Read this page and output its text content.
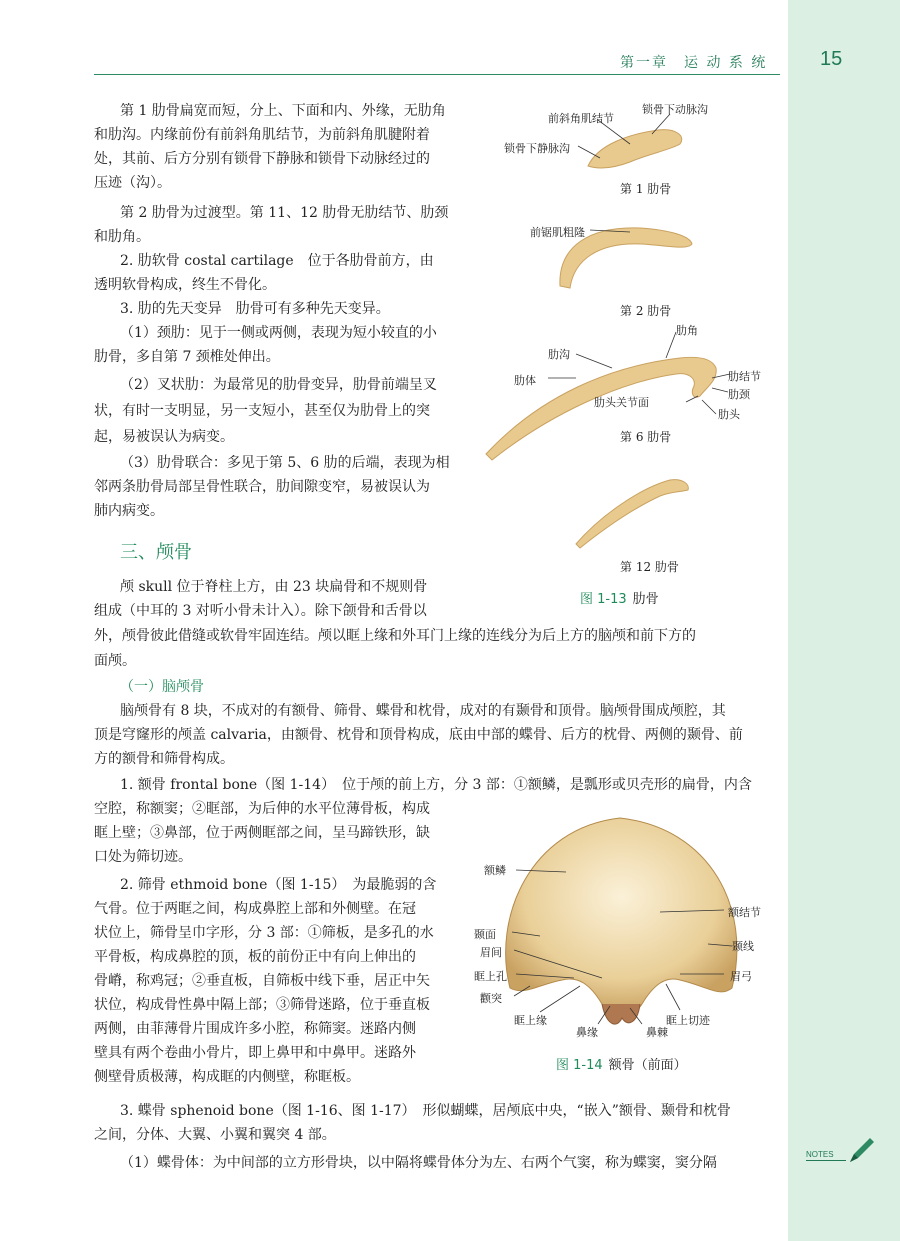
第一章　运 动 系 统	15
第 1 肋骨扁宽而短，分上、下面和内、外缘，无肋角
和肋沟。内缘前份有前斜角肌结节，为前斜角肌腱附着
处，其前、后方分别有锁骨下静脉和锁骨下动脉经过的
压迹（沟）。
第 2 肋骨为过渡型。第 11、12 肋骨无肋结节、肋颈
和肋角。
2. 肋软骨 costal cartilage　位于各肋骨前方，由
透明软骨构成，终生不骨化。
3. 肋的先天变异　肋骨可有多种先天变异。
（1）颈肋：见于一侧或两侧，表现为短小较直的小
肋骨，多自第 7 颈椎处伸出。
（2）叉状肋：为最常见的肋骨变异，肋骨前端呈叉
状，有时一支明显，另一支短小，甚至仅为肋骨上的突
起，易被误认为病变。
（3）肋骨联合：多见于第 5、6 肋的后端，表现为相
邻两条肋骨局部呈骨性联合，肋间隙变窄，易被误认为
肺内病变。
三、颅骨
颅 skull 位于脊柱上方，由 23 块扁骨和不规则骨
组成（中耳的 3 对听小骨未计入）。除下颌骨和舌骨以
外，颅骨彼此借缝或软骨牢固连结。颅以眶上缘和外耳门上缘的连线分为后上方的脑颅和前下方的
面颅。
（一）脑颅骨
脑颅骨有 8 块，不成对的有额骨、筛骨、蝶骨和枕骨，成对的有颞骨和顶骨。脑颅骨围成颅腔，其
顶是穹窿形的颅盖 calvaria，由额骨、枕骨和顶骨构成，底由中部的蝶骨、后方的枕骨、两侧的颞骨、前
方的额骨和筛骨构成。
1. 额骨 frontal bone（图 1-14）　位于颅的前上方，分 3 部：①额鳞，是瓢形或贝壳形的扁骨，内含
空腔，称额窦；②眶部，为后伸的水平位薄骨板，构成
眶上壁；③鼻部，位于两侧眶部之间，呈马蹄铁形，缺
口处为筛切迹。
2. 筛骨 ethmoid bone（图 1-15）　为最脆弱的含
气骨。位于两眶之间，构成鼻腔上部和外侧壁。在冠
状位上，筛骨呈巾字形，分 3 部：①筛板，是多孔的水
平骨板，构成鼻腔的顶，板的前份正中有向上伸出的
骨嵴，称鸡冠；②垂直板，自筛板中线下垂，居正中矢
状位，构成骨性鼻中隔上部；③筛骨迷路，位于垂直板
两侧，由菲薄骨片围成许多小腔，称筛窦。迷路内侧
壁具有两个卷曲小骨片，即上鼻甲和中鼻甲。迷路外
侧壁骨质极薄，构成眶的内侧壁，称眶板。
3. 蝶骨 sphenoid bone（图 1-16、图 1-17）　形似蝴蝶，居颅底中央，“嵌入”额骨、颞骨和枕骨
之间，分体、大翼、小翼和翼突 4 部。
（1）蝶骨体：为中间部的立方形骨块，以中隔将蝶骨体分为左、右两个气窦，称为蝶窦，窦分隔
前斜角肌结节
锁骨下动脉沟
锁骨下静脉沟
第 1 肋骨
前锯肌粗隆
第 2 肋骨
肋角
肋沟
肋结节
肋体
肋颈
肋头关节面
肋头
第 6 肋骨
第 12 肋骨
图 1-13 肋骨
额鳞
额结节
颞面
颞线
眉间
眉弓
眶上孔
颧突
眶上缘
鼻缘
眶上切迹
鼻棘
图 1-14 额骨（前面）
NOTES
